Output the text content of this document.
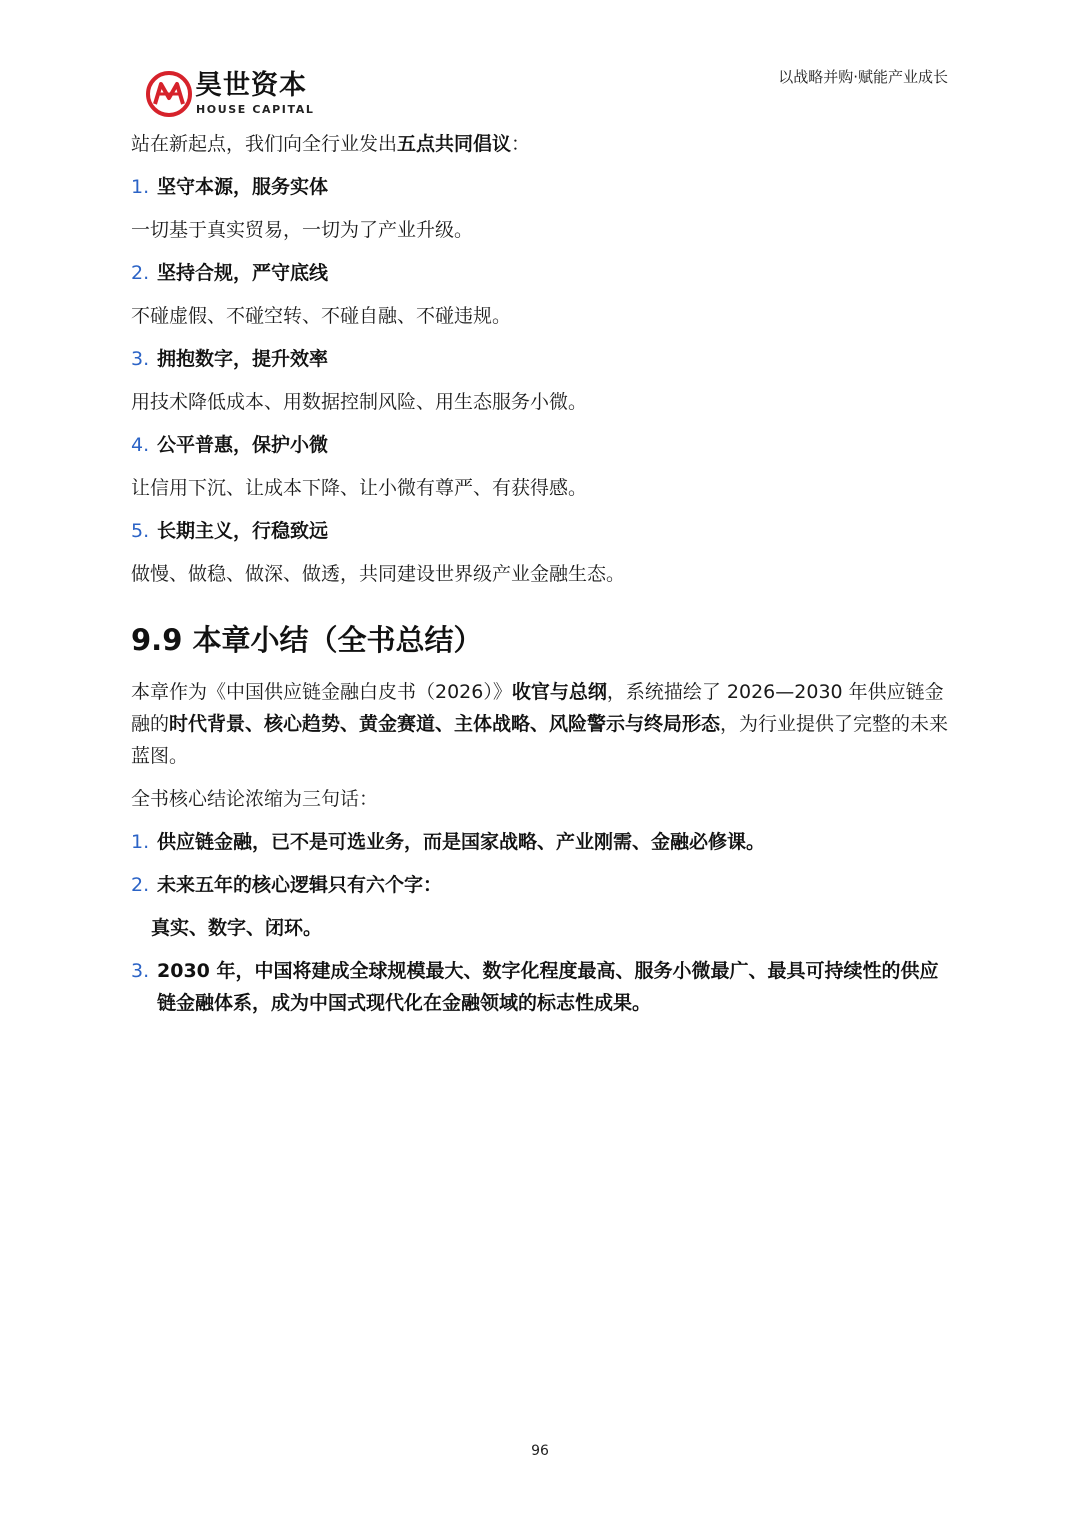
昊世资本
HOUSE CAPITAL
以战略并购·赋能产业成长

站在新起点，我们向全行业发出五点共同倡议：

1. 坚守本源，服务实体

一切基于真实贸易，一切为了产业升级。

2. 坚持合规，严守底线

不碰虚假、不碰空转、不碰自融、不碰违规。

3. 拥抱数字，提升效率

用技术降低成本、用数据控制风险、用生态服务小微。

4. 公平普惠，保护小微

让信用下沉、让成本下降、让小微有尊严、有获得感。

5. 长期主义，行稳致远

做慢、做稳、做深、做透，共同建设世界级产业金融生态。

9.9 本章小结（全书总结）

本章作为《中国供应链金融白皮书（2026）》收官与总纲，系统描绘了 2026—2030 年供应链金融的时代背景、核心趋势、黄金赛道、主体战略、风险警示与终局形态，为行业提供了完整的未来蓝图。

全书核心结论浓缩为三句话：

1. 供应链金融，已不是可选业务，而是国家战略、产业刚需、金融必修课。
2. 未来五年的核心逻辑只有六个字：
真实、数字、闭环。
3. 2030 年，中国将建成全球规模最大、数字化程度最高、服务小微最广、最具可持续性的供应链金融体系，成为中国式现代化在金融领域的标志性成果。
96
